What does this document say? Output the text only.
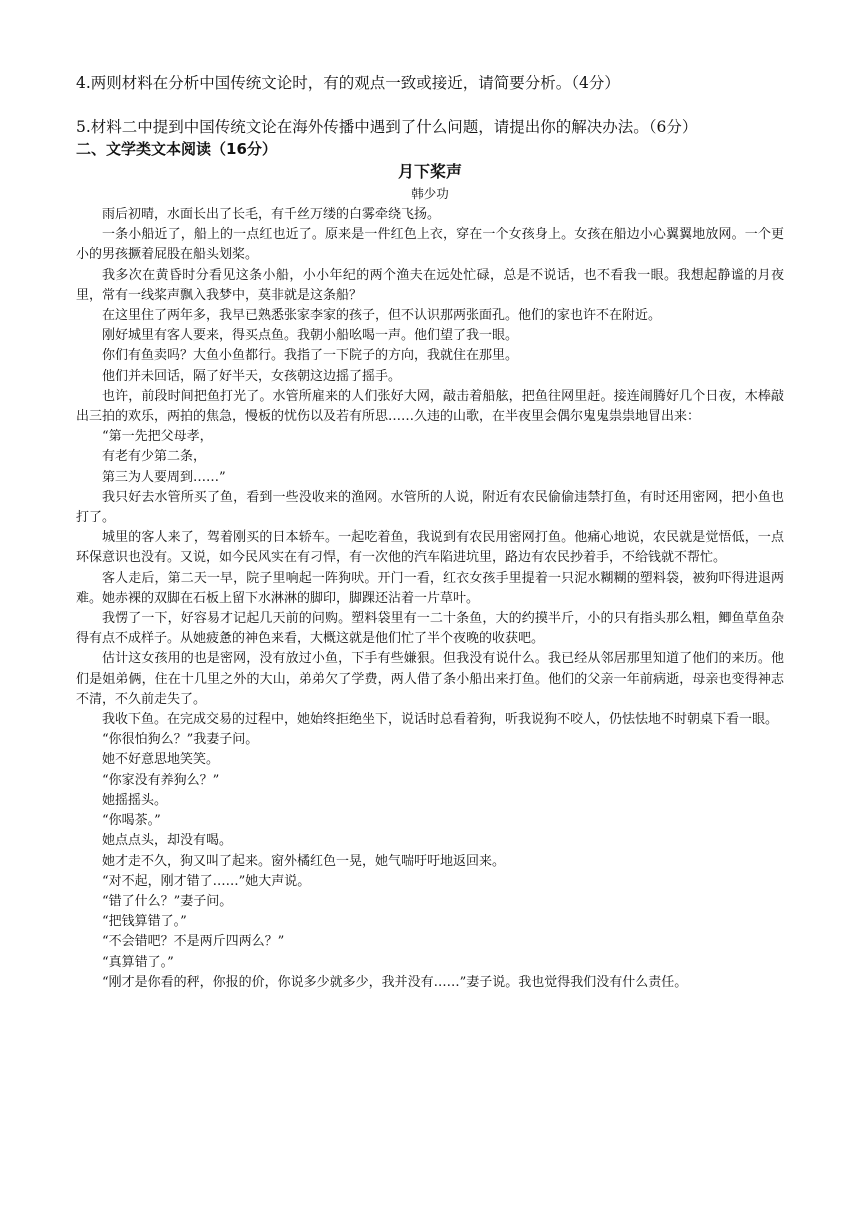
4.两则材料在分析中国传统文论时，有的观点一致或接近，请简要分析。（4分）

5.材料二中提到中国传统文论在海外传播中遇到了什么问题，请提出你的解决办法。（6分）

二、文学类文本阅读（16分）

月下桨声

韩少功

雨后初晴，水面长出了长毛，有千丝万缕的白雾牵绕飞扬。

一条小船近了，船上的一点红也近了。原来是一件红色上衣，穿在一个女孩身上。女孩在船边小心翼翼地放网。一个更小的男孩撅着屁股在船头划桨。

我多次在黄昏时分看见这条小船，小小年纪的两个渔夫在远处忙碌，总是不说话，也不看我一眼。我想起静谧的月夜里，常有一线桨声飘入我梦中，莫非就是这条船？

在这里住了两年多，我早已熟悉张家李家的孩子，但不认识那两张面孔。他们的家也许不在附近。

刚好城里有客人要来，得买点鱼。我朝小船吆喝一声。他们望了我一眼。

你们有鱼卖吗？大鱼小鱼都行。我指了一下院子的方向，我就住在那里。

他们并未回话，隔了好半天，女孩朝这边摇了摇手。

也许，前段时间把鱼打光了。水管所雇来的人们张好大网，敲击着船舷，把鱼往网里赶。接连闹腾好几个日夜，木棒敲出三拍的欢乐，两拍的焦急，慢板的忧伤以及若有所思……久违的山歌，在半夜里会偶尔鬼鬼祟祟地冒出来：

“第一先把父母孝，

有老有少第二条，

第三为人要周到……”

我只好去水管所买了鱼，看到一些没收来的渔网。水管所的人说，附近有农民偷偷违禁打鱼，有时还用密网，把小鱼也打了。

城里的客人来了，驾着刚买的日本轿车。一起吃着鱼，我说到有农民用密网打鱼。他痛心地说，农民就是觉悟低，一点环保意识也没有。又说，如今民风实在有刁悍，有一次他的汽车陷进坑里，路边有农民抄着手，不给钱就不帮忙。

客人走后，第二天一早，院子里响起一阵狗吠。开门一看，红衣女孩手里提着一只泥水糊糊的塑料袋，被狗吓得进退两难。她赤裸的双脚在石板上留下水淋淋的脚印，脚踝还沾着一片草叶。

我愣了一下，好容易才记起几天前的问购。塑料袋里有一二十条鱼，大的约摸半斤，小的只有指头那么粗，鲫鱼草鱼杂得有点不成样子。从她疲惫的神色来看，大概这就是他们忙了半个夜晚的收获吧。

估计这女孩用的也是密网，没有放过小鱼，下手有些嫌狠。但我没有说什么。我已经从邻居那里知道了他们的来历。他们是姐弟俩，住在十几里之外的大山，弟弟欠了学费，两人借了条小船出来打鱼。他们的父亲一年前病逝，母亲也变得神志不清，不久前走失了。

我收下鱼。在完成交易的过程中，她始终拒绝坐下，说话时总看着狗，听我说狗不咬人，仍怯怯地不时朝桌下看一眼。

“你很怕狗么？”我妻子问。

她不好意思地笑笑。

“你家没有养狗么？”

她摇摇头。

“你喝茶。”

她点点头，却没有喝。

她才走不久，狗又叫了起来。窗外橘红色一晃，她气喘吁吁地返回来。

“对不起，刚才错了……”她大声说。

“错了什么？”妻子问。

“把钱算错了。”

“不会错吧？不是两斤四两么？”

“真算错了。”

“刚才是你看的秤，你报的价，你说多少就多少，我并没有……”妻子说。我也觉得我们没有什么责任。
